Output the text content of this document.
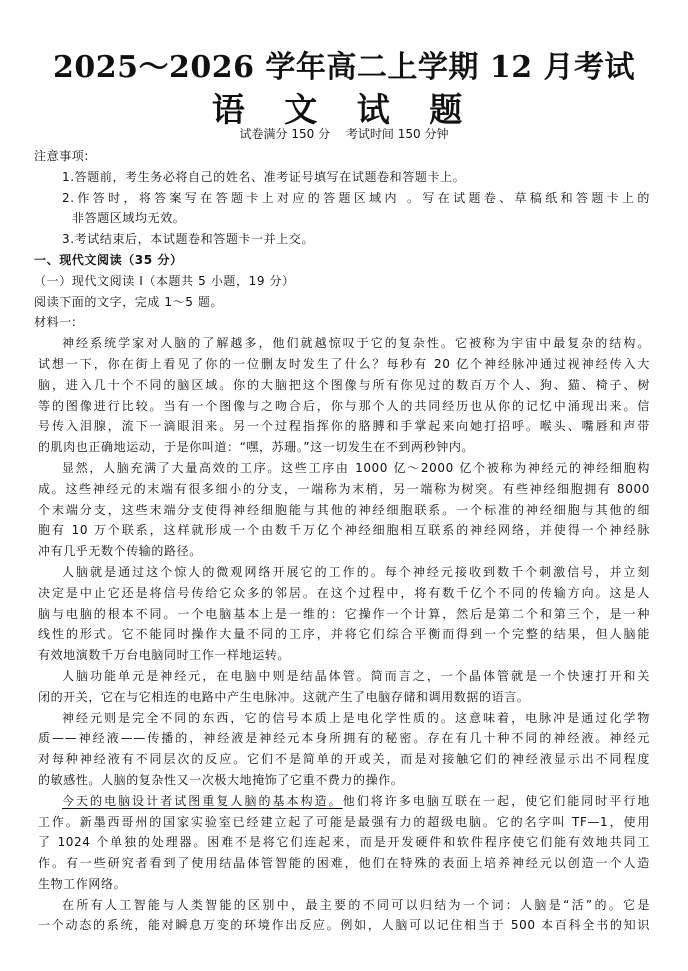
2025～2026 学年高二上学期 12 月考试
语 文 试 题
试卷满分 150 分 考试时间 150 分钟
注意事项:
1.答题前，考生务必将自己的姓名、准考证号填写在试题卷和答题卡上。
2.作答时，将答案写在答题卡上对应的答题区域内 。写在试题卷、草稿纸和答题卡上的
非答题区域均无效。
3.考试结束后，本试题卷和答题卡一并上交。
一、现代文阅读（35 分）
（一）现代文阅读 I（本题共 5 小题，19 分）
阅读下面的文字，完成 1～5 题。
材料一:
神经系统学家对人脑的了解越多，他们就越惊叹于它的复杂性。它被称为宇宙中最复杂的结构。
试想一下，你在街上看见了你的一位删友时发生了什么？每秒有 20 亿个神经脉冲通过视神经传入大
脑，进入几十个不同的脑区域。你的大脑把这个图像与所有你见过的数百万个人、狗、猫、椅子、树
等的图像进行比较。当有一个图像与之吻合后，你与那个人的共同经历也从你的记忆中涌现出来。信
号传入泪腺，流下一滴眼泪来。另一个过程指挥你的胳膊和手掌起来向她打招呼。喉头、嘴唇和声带
的肌肉也正确地运动，于是你叫道：“嘿，苏珊。”这一切发生在不到两秒钟内。
显然，人脑充满了大量高效的工序。这些工序由 1000 亿～2000 亿个被称为神经元的神经细胞构
成。这些神经元的末端有很多细小的分支，一端称为末梢，另一端称为树突。有些神经细胞拥有 8000
个末端分支，这些末端分支使得神经细胞能与其他的神经细胞联系。一个标准的神经细胞与其他的细
胞有 10 万个联系，这样就形成一个由数千万亿个神经细胞相互联系的神经网络，并使得一个神经脉
冲有几乎无数个传输的路径。
人脑就是通过这个惊人的微观网络开展它的工作的。每个神经元接收到数千个刺激信号，并立刻
决定是中止它还是将信号传给它众多的邻居。在这个过程中，将有数千亿个不同的传输方向。这是人
脑与电脑的根本不同。一个电脑基本上是一维的：它操作一个计算，然后是第二个和第三个，是一种
线性的形式。它不能同时操作大量不同的工序，并将它们综合平衡而得到一个完整的结果，但人脑能
有效地演数千万台电脑同时工作一样地运转。
人脑功能单元是神经元，在电脑中则是结晶体管。简而言之，一个晶体管就是一个快速打开和关
闭的开关，它在与它相连的电路中产生电脉冲。这就产生了电脑存储和调用数据的语言。
神经元则是完全不同的东西，它的信号本质上是电化学性质的。这意味着，电脉冲是通过化学物
质——神经液——传播的，神经液是神经元本身所拥有的秘密。存在有几十种不同的神经液。神经元
对每种神经液有不同层次的反应。它们不是简单的开或关，而是对接触它们的神经液显示出不同程度
的敏感性。人脑的复杂性又一次极大地掩饰了它重不费力的操作。
今天的电脑设计者试图重复人脑的基本构造。他们将许多电脑互联在一起，使它们能同时平行地
工作。新墨西哥州的国家实验室已经建立起了可能是最强有力的超级电脑。它的名字叫 TF—1，使用
了 1024 个单独的处理器。困难不是将它们连起来，而是开发硬件和软件程序使它们能有效地共同工
作。有一些研究者看到了使用结晶体管智能的困难，他们在特殊的表面上培养神经元以创造一个人造
生物工作网络。
在所有人工智能与人类智能的区别中，最主要的不同可以归结为一个词：人脑是“活”的。它是
一个动态的系统，能对瞬息万变的环境作出反应。例如，人脑可以记住相当于 500 本百科全书的知识
